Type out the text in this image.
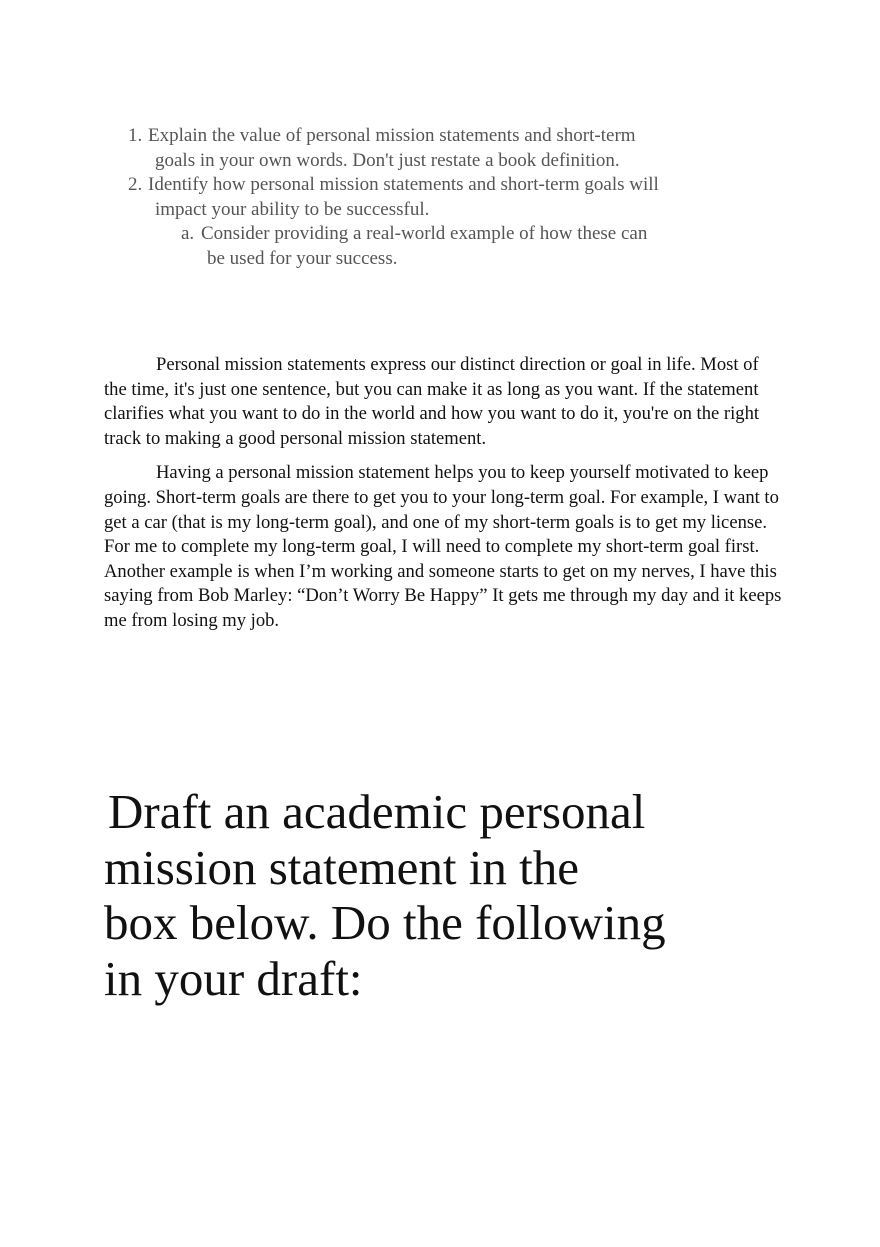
1. Explain the value of personal mission statements and short-term goals in your own words. Don't just restate a book definition.
2. Identify how personal mission statements and short-term goals will impact your ability to be successful.
a. Consider providing a real-world example of how these can be used for your success.

Personal mission statements express our distinct direction or goal in life. Most of the time, it's just one sentence, but you can make it as long as you want. If the statement clarifies what you want to do in the world and how you want to do it, you're on the right track to making a good personal mission statement.

Having a personal mission statement helps you to keep yourself motivated to keep going. Short-term goals are there to get you to your long-term goal. For example, I want to get a car (that is my long-term goal), and one of my short-term goals is to get my license. For me to complete my long-term goal, I will need to complete my short-term goal first. Another example is when I’m working and someone starts to get on my nerves, I have this saying from Bob Marley: “Don’t Worry Be Happy” It gets me through my day and it keeps me from losing my job.

Draft an academic personal
mission statement in the
box below. Do the following
in your draft:
